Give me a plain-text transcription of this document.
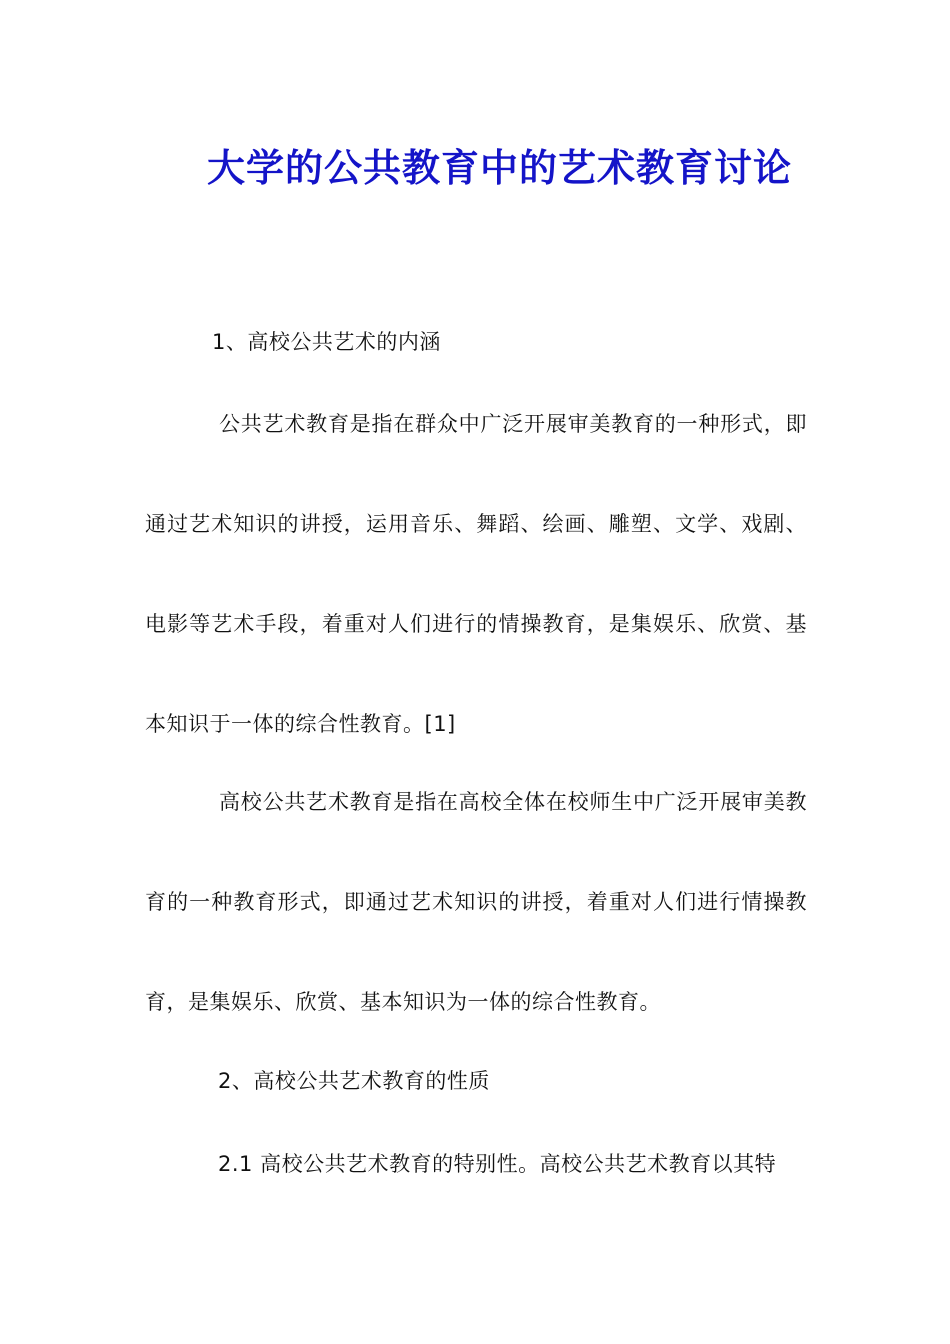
大学的公共教育中的艺术教育讨论

1、高校公共艺术的内涵

公共艺术教育是指在群众中广泛开展审美教育的一种形式，即通过艺术知识的讲授，运用音乐、舞蹈、绘画、雕塑、文学、戏剧、电影等艺术手段，着重对人们进行的情操教育，是集娱乐、欣赏、基本知识于一体的综合性教育。[1]

高校公共艺术教育是指在高校全体在校师生中广泛开展审美教育的一种教育形式，即通过艺术知识的讲授，着重对人们进行情操教育，是集娱乐、欣赏、基本知识为一体的综合性教育。

2、高校公共艺术教育的性质

2.1 高校公共艺术教育的特别性。高校公共艺术教育以其特
